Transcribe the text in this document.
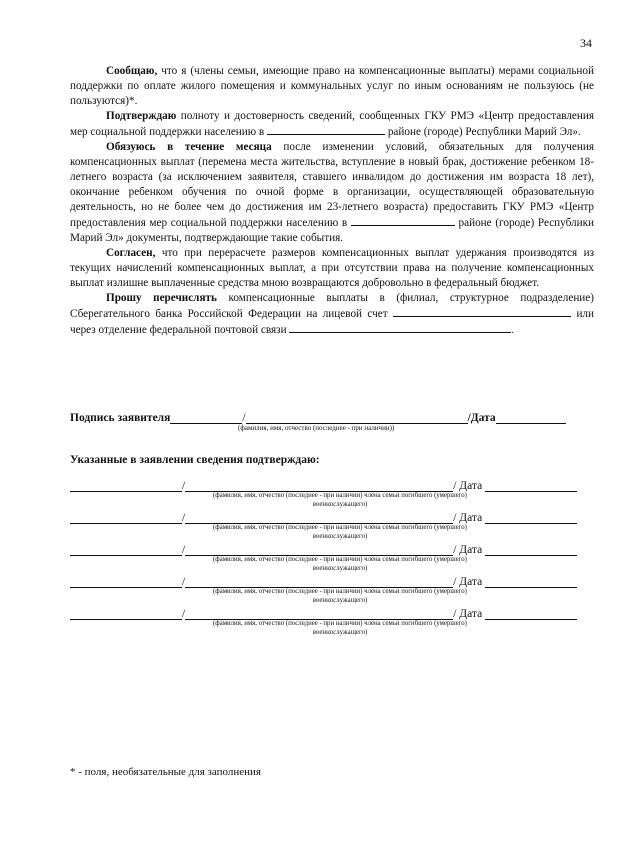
34

Сообщаю, что я (члены семьи, имеющие право на компенсационные выплаты) мерами социальной поддержки по оплате жилого помещения и коммунальных услуг по иным основаниям не пользуюсь (не пользуются)*.

Подтверждаю полноту и достоверность сведений, сообщенных ГКУ РМЭ «Центр предоставления мер социальной поддержки населению в	районе (городе) Республики Марий Эл».

Обязуюсь в течение месяца после изменении условий, обязательных для получения компенсационных выплат (перемена места жительства, вступление в новый брак, достижение ребенком 18-летнего возраста (за исключением заявителя, ставшего инвалидом до достижения им возраста 18 лет), окончание ребенком обучения по очной форме в организации, осуществляющей образовательную деятельность, но не более чем до достижения им 23-летнего возраста) предоставить ГКУ РМЭ «Центр предоставления мер социальной поддержки населению в	районе (городе) Республики Марий Эл» документы, подтверждающие такие события.

Согласен, что при перерасчете размеров компенсационных выплат удержания производятся из текущих начислений компенсационных выплат, а при отсутствии права на получение компенсационных выплат излишне выплаченные средства мною возвращаются добровольно в федеральный бюджет.

Прошу перечислять компенсационные выплаты в (филиал, структурное подразделение) Сберегательного банка Российской Федерации на лицевой счет	или через отделение федеральной почтовой связи	.

Подпись заявителя	/	/Дата
(фамилия, имя, отчество (последнее - при наличии))
Указанные в заявлении сведения подтверждаю:
/	/ Дата
(фамилия, имя, отчество (последнее - при наличии) члена семьи погибшего (умершего) военнослужащего)
/	/ Дата
(фамилия, имя, отчество (последнее - при наличии) члена семьи погибшего (умершего) военнослужащего)
/	/ Дата
(фамилия, имя, отчество (последнее - при наличии) члена семьи погибшего (умершего) военнослужащего)
/	/ Дата
(фамилия, имя, отчество (последнее - при наличии) члена семьи погибшего (умершего) военнослужащего)
/	/ Дата
(фамилия, имя, отчество (последнее - при наличии) члена семьи погибшего (умершего) военнослужащего)
* - поля, необязательные для заполнения
